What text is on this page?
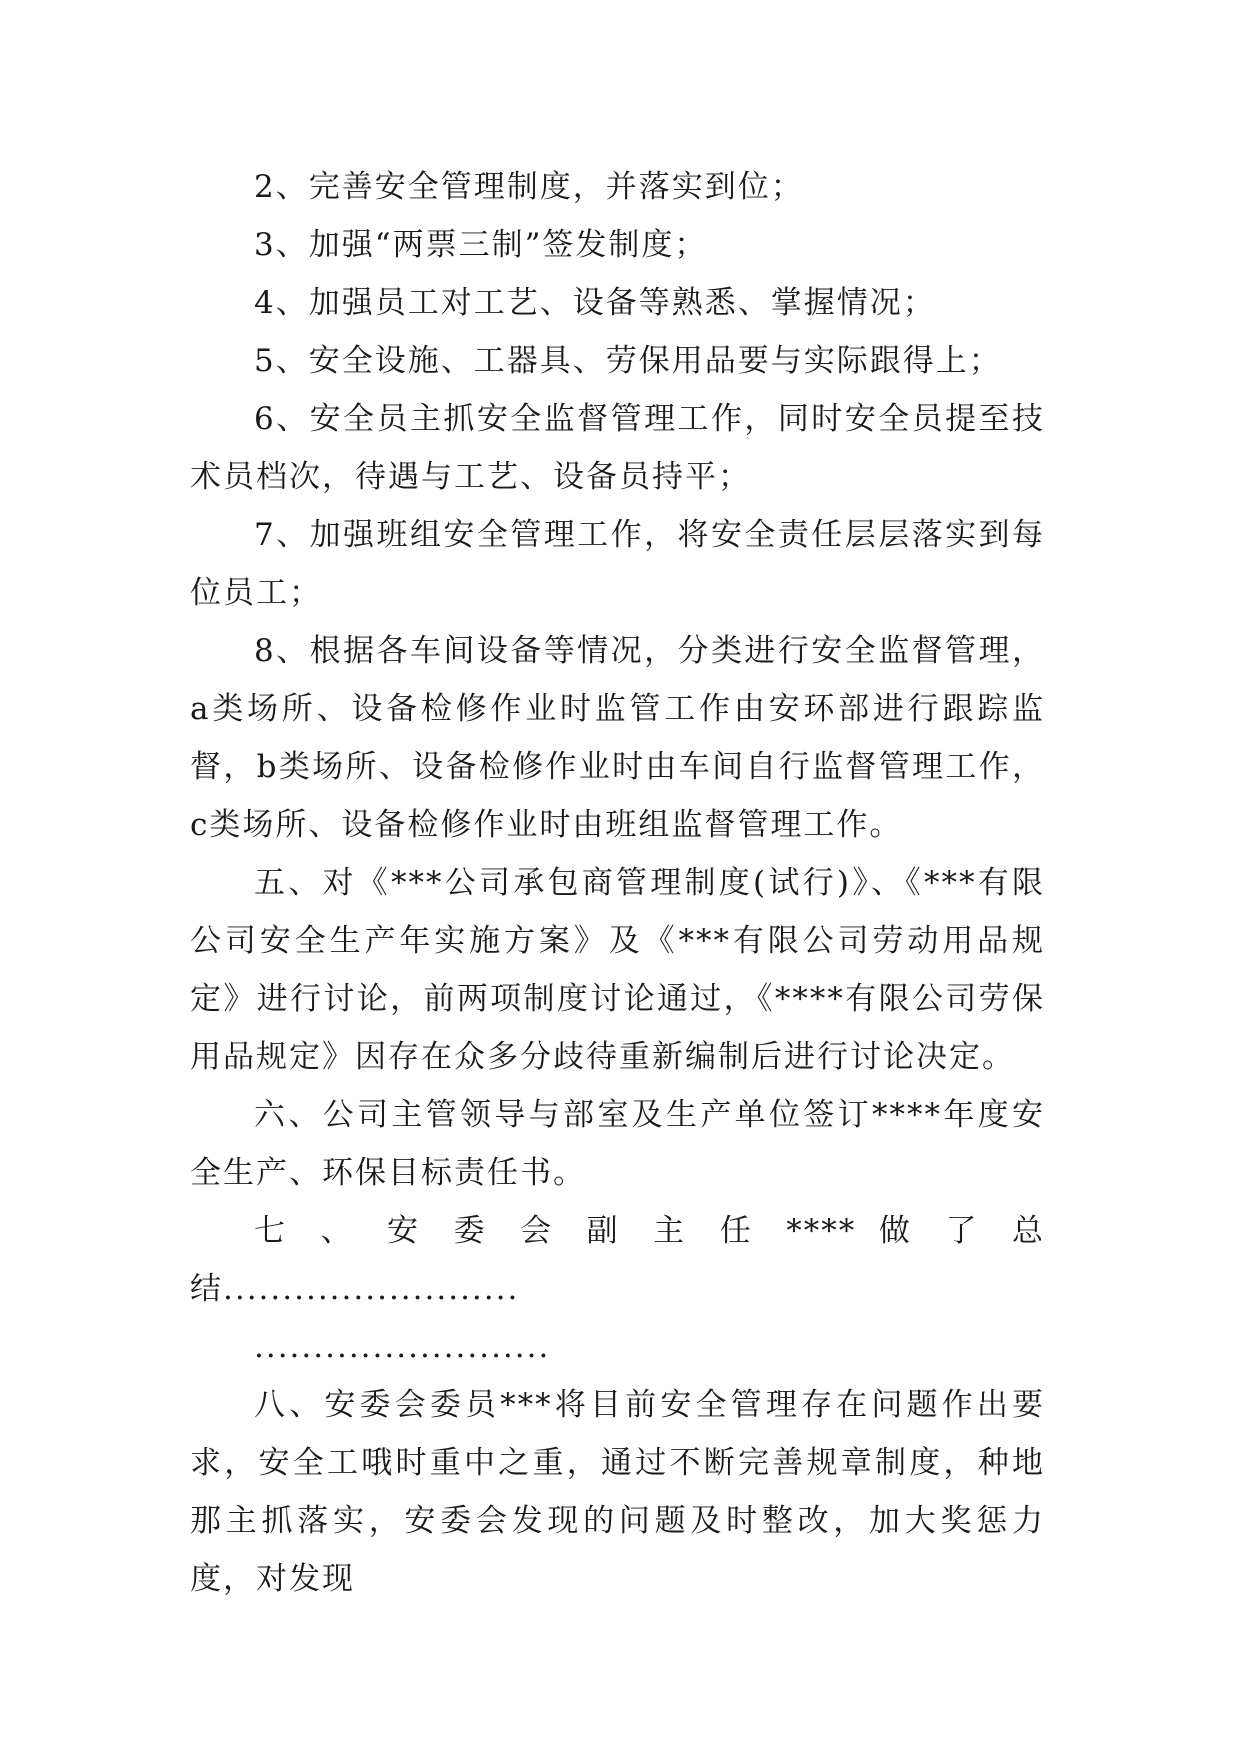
2、完善安全管理制度，并落实到位；

3、加强“两票三制”签发制度；

4、加强员工对工艺、设备等熟悉、掌握情况；

5、安全设施、工器具、劳保用品要与实际跟得上；

6、安全员主抓安全监督管理工作，同时安全员提至技术员档次，待遇与工艺、设备员持平；

7、加强班组安全管理工作，将安全责任层层落实到每位员工；

8、根据各车间设备等情况，分类进行安全监督管理，a类场所、设备检修作业时监管工作由安环部进行跟踪监督，b类场所、设备检修作业时由车间自行监督管理工作，c类场所、设备检修作业时由班组监督管理工作。

五、对《***公司承包商管理制度(试行)》、《***有限公司安全生产年实施方案》及《***有限公司劳动用品规定》进行讨论，前两项制度讨论通过，《****有限公司劳保用品规定》因存在众多分歧待重新编制后进行讨论决定。

六、公司主管领导与部室及生产单位签订****年度安全生产、环保目标责任书。

七 、 安 委 会 副 主 任 **** 做 了 总

结.........................

.........................

八、安委会委员***将目前安全管理存在问题作出要求，安全工哦时重中之重，通过不断完善规章制度，种地那主抓落实，安委会发现的问题及时整改，加大奖惩力度，对发现
